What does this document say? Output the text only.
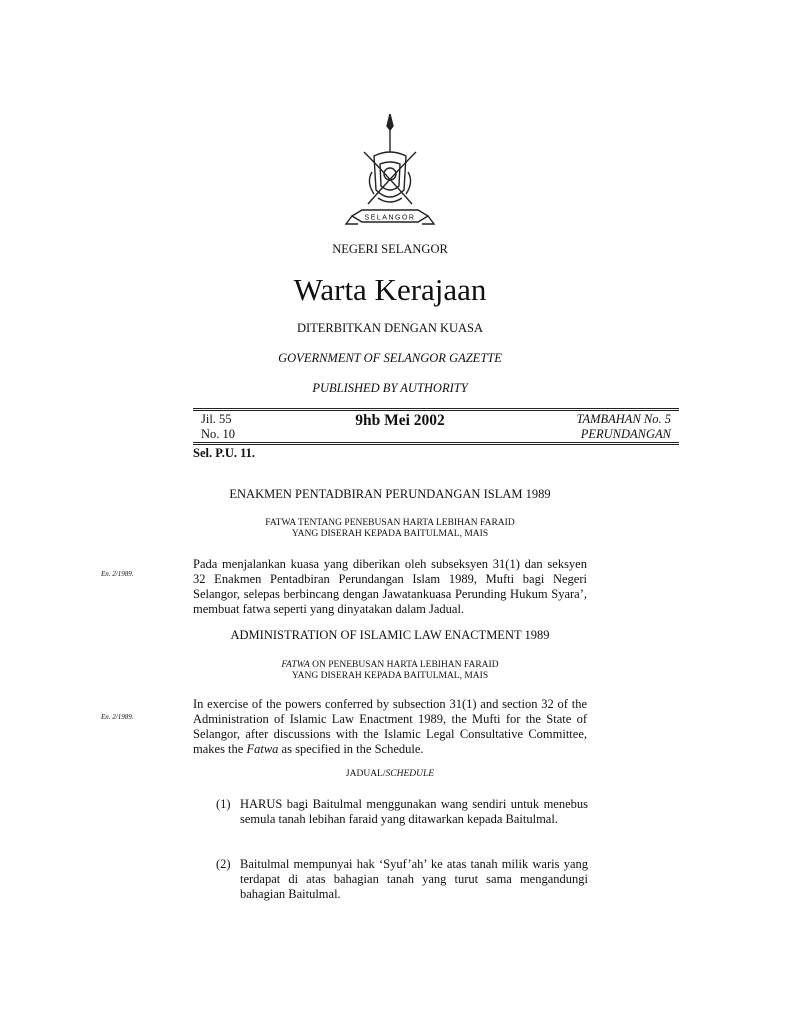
SELANGOR
NEGERI SELANGOR
Warta Kerajaan
DITERBITKAN DENGAN KUASA
GOVERNMENT OF SELANGOR GAZETTE
PUBLISHED BY AUTHORITY
Jil. 55
No. 10
9hb Mei 2002	TAMBAHAN No. 5
PERUNDANGAN
Sel. P.U. 11.
ENAKMEN PENTADBIRAN PERUNDANGAN ISLAM 1989
FATWA TENTANG PENEBUSAN HARTA LEBIHAN FARAID
YANG DISERAH KEPADA BAITULMAL, MAIS
En. 2/1989.

Pada menjalankan kuasa yang diberikan oleh subseksyen 31(1) dan seksyen 32 Enakmen Pentadbiran Perundangan Islam 1989, Mufti bagi Negeri Selangor, selepas berbincang dengan Jawatankuasa Perunding Hukum Syara’, membuat fatwa seperti yang dinyatakan dalam Jadual.

ADMINISTRATION OF ISLAMIC LAW ENACTMENT 1989
FATWA ON PENEBUSAN HARTA LEBIHAN FARAID
YANG DISERAH KEPADA BAITULMAL, MAIS
En. 2/1989.

In exercise of the powers conferred by subsection 31(1) and section 32 of the Administration of Islamic Law Enactment 1989, the Mufti for the State of Selangor, after discussions with the Islamic Legal Consultative Committee, makes the Fatwa as specified in the Schedule.

JADUAL/SCHEDULE
(1) HARUS bagi Baitulmal menggunakan wang sendiri untuk menebus semula tanah lebihan faraid yang ditawarkan kepada Baitulmal.
(2) Baitulmal mempunyai hak ‘Syuf’ah’ ke atas tanah milik waris yang terdapat di atas bahagian tanah yang turut sama mengandungi bahagian Baitulmal.
